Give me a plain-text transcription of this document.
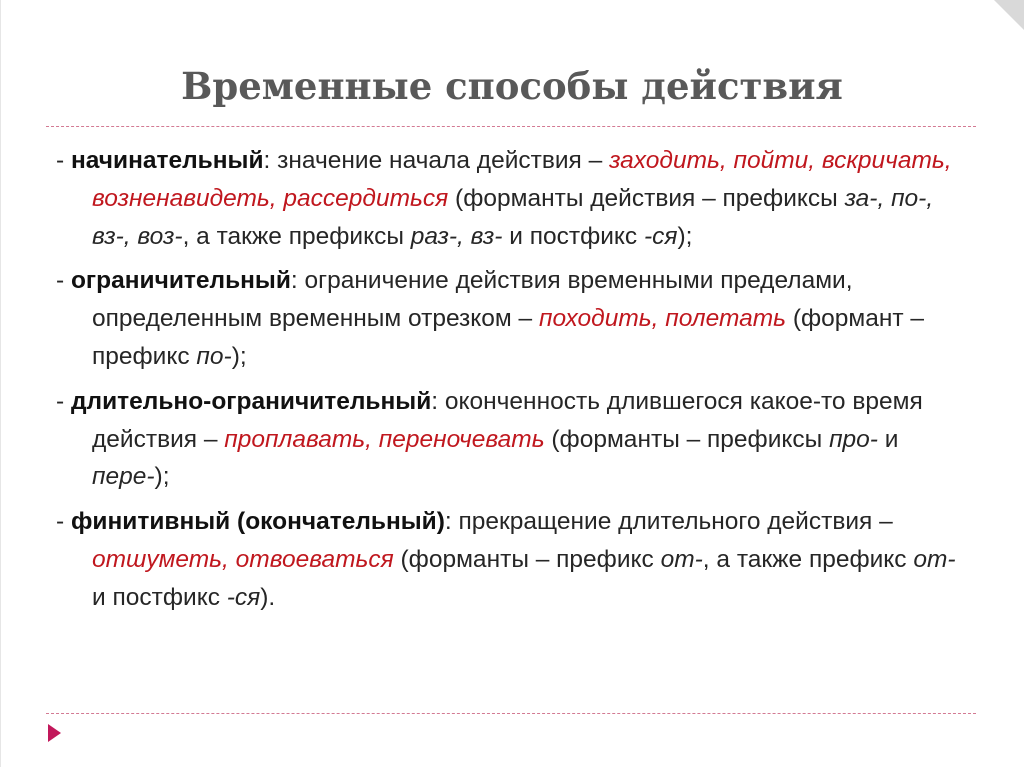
Временные способы действия

- начинательный: значение начала действия – заходить, пойти, вскричать, возненавидеть, рассердиться (форманты действия – префиксы за-, по-, вз-, воз-, а также префиксы раз-, вз- и постфикс -ся);

- ограничительный: ограничение действия временными пределами, определенным временным отрезком – походить, полетать (формант – префикс по-);

- длительно-ограничительный: оконченность длившегося какое-то время действия – проплавать, переночевать (форманты – префиксы про- и пере-);

- финитивный (окончательный): прекращение длительного действия – отшуметь, отвоеваться (форманты – префикс от-, а также префикс от- и постфикс -ся).
